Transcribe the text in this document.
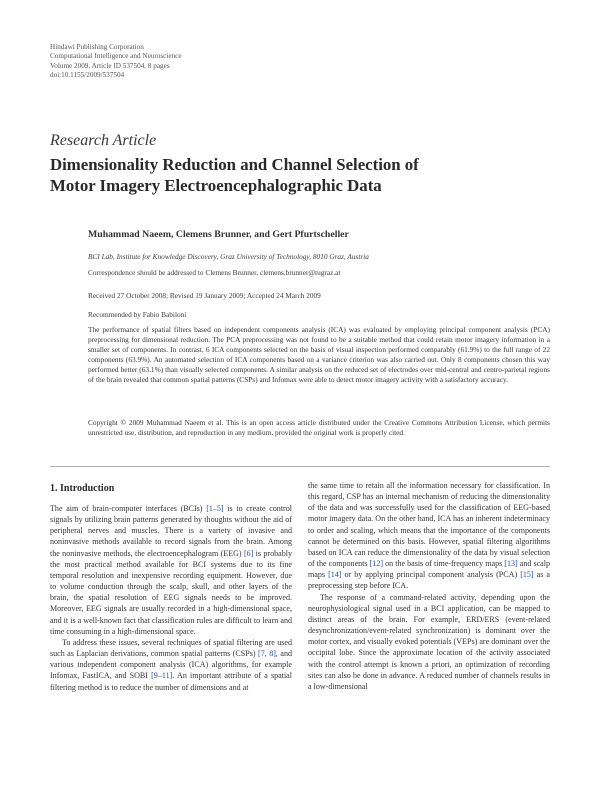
Hindawi Publishing Corporation
Computational Intelligence and Neuroscience
Volume 2009, Article ID 537504, 8 pages
doi:10.1155/2009/537504
Research Article
Dimensionality Reduction and Channel Selection of
Motor Imagery Electroencephalographic Data
Muhammad Naeem, Clemens Brunner, and Gert Pfurtscheller
BCI Lab, Institute for Knowledge Discovery, Graz University of Technology, 8010 Graz, Austria
Correspondence should be addressed to Clemens Brunner, clemens.brunner@tugraz.at
Received 27 October 2008; Revised 19 January 2009; Accepted 24 March 2009
Recommended by Fabio Babiloni

The performance of spatial filters based on independent components analysis (ICA) was evaluated by employing principal component analysis (PCA) preprocessing for dimensional reduction. The PCA preprocessing was not found to be a suitable method that could retain motor imagery information in a smaller set of components. In contrast, 6 ICA components selected on the basis of visual inspection performed comparably (61.9%) to the full range of 22 components (63.9%). An automated selection of ICA components based on a variance criterion was also carried out. Only 8 components chosen this way performed better (63.1%) than visually selected components. A similar analysis on the reduced set of electrodes over mid-central and centro-parietal regions of the brain revealed that common spatial patterns (CSPs) and Infomax were able to detect motor imagery activity with a satisfactory accuracy.

Copyright © 2009 Muhammad Naeem et al. This is an open access article distributed under the Creative Commons Attribution License, which permits unrestricted use, distribution, and reproduction in any medium, provided the original work is properly cited.

1. Introduction

The aim of brain-computer interfaces (BCIs) [1–5] is to create control signals by utilizing brain patterns generated by thoughts without the aid of peripheral nerves and muscles. There is a variety of invasive and noninvasive methods available to record signals from the brain. Among the noninvasive methods, the electroencephalogram (EEG) [6] is probably the most practical method available for BCI systems due to its fine temporal resolution and inexpensive recording equipment. However, due to volume conduction through the scalp, skull, and other layers of the brain, the spatial resolution of EEG signals needs to be improved. Moreover, EEG signals are usually recorded in a high-dimensional space, and it is a well-known fact that classification rules are difficult to learn and time consuming in a high-dimensional space.

To address these issues, several techniques of spatial filtering are used such as Laplacian derivations, common spatial patterns (CSPs) [7, 8], and various independent component analysis (ICA) algorithms, for example Infomax, FastICA, and SOBI [9–11]. An important attribute of a spatial filtering method is to reduce the number of dimensions and at

the same time to retain all the information necessary for classification. In this regard, CSP has an internal mechanism of reducing the dimensionality of the data and was successfully used for the classification of EEG-based motor imagery data. On the other hand, ICA has an inherent indeterminacy to order and scaling, which means that the importance of the components cannot be determined on this basis. However, spatial filtering algorithms based on ICA can reduce the dimensionality of the data by visual selection of the components [12] on the basis of time-frequency maps [13] and scalp maps [14] or by applying principal component analysis (PCA) [15] as a preprocessing step before ICA.

The response of a command-related activity, depending upon the neurophysiological signal used in a BCI application, can be mapped to distinct areas of the brain. For example, ERD/ERS (event-related desynchronization/event-related synchronization) is dominant over the motor cortex, and visually evoked potentials (VEPs) are dominant over the occipital lobe. Since the approximate location of the activity associated with the control attempt is known a priori, an optimization of recording sites can also be done in advance. A reduced number of channels results in a low-dimensional
